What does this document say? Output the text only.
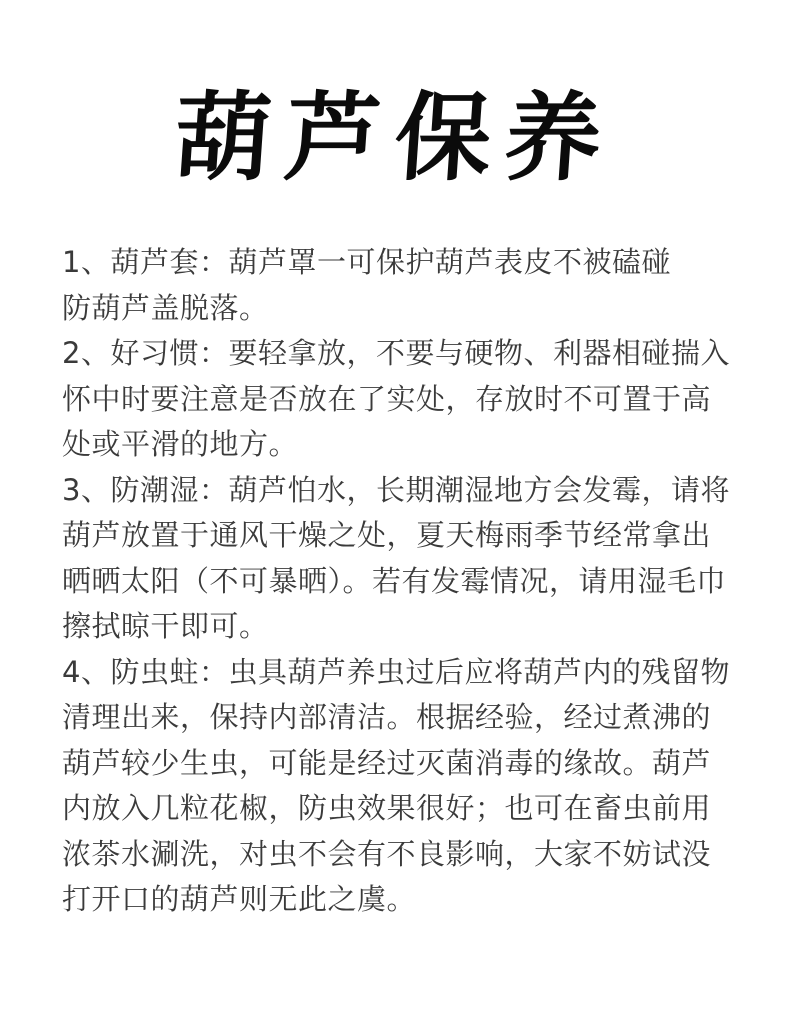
葫芦保养

1、葫芦套：葫芦罩一可保护葫芦表皮不被磕碰防葫芦盖脱落。

2、好习惯：要轻拿放，不要与硬物、利器相碰揣入怀中时要注意是否放在了实处，存放时不可置于高处或平滑的地方。

3、防潮湿：葫芦怕水，长期潮湿地方会发霉，请将葫芦放置于通风干燥之处，夏天梅雨季节经常拿出晒晒太阳（不可暴晒）。若有发霉情况，请用湿毛巾擦拭晾干即可。

4、防虫蛀：虫具葫芦养虫过后应将葫芦内的残留物清理出来，保持内部清洁。根据经验，经过煮沸的葫芦较少生虫，可能是经过灭菌消毒的缘故。葫芦内放入几粒花椒，防虫效果很好；也可在畜虫前用浓茶水涮洗，对虫不会有不良影响，大家不妨试没打开口的葫芦则无此之虞。
